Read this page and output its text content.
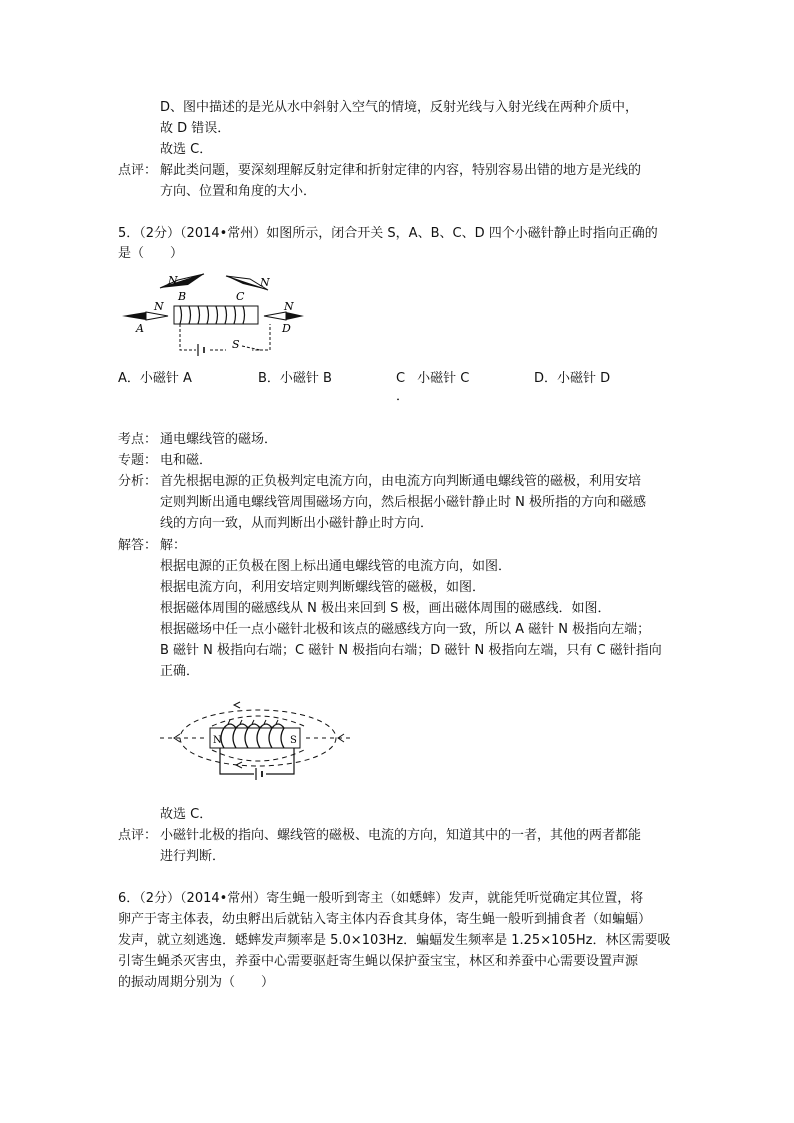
D、图中描述的是光从水中斜射入空气的情境，反射光线与入射光线在两种介质中，
故 D 错误．
故选 C．
点评： 解此类问题，要深刻理解反射定律和折射定律的内容，特别容易出错的地方是光线的
方向、位置和角度的大小．
5．（2分）（2014•常州）如图所示，闭合开关 S，A、B、C、D 四个小磁针静止时指向正确的
是（　　）
N
B
N
C
N
A
N
D
S
A．小磁针 A	B．小磁针 B	C 小磁针 C
．
D．小磁针 D
考点： 通电螺线管的磁场．
专题： 电和磁．
分析： 首先根据电源的正负极判定电流方向，由电流方向判断通电螺线管的磁极，利用安培
定则判断出通电螺线管周围磁场方向，然后根据小磁针静止时 N 极所指的方向和磁感
线的方向一致，从而判断出小磁针静止时方向．
解答： 解：
根据电源的正负极在图上标出通电螺线管的电流方向，如图．
根据电流方向，利用安培定则判断螺线管的磁极，如图．
根据磁体周围的磁感线从 N 极出来回到 S 极，画出磁体周围的磁感线．如图．
根据磁场中任一点小磁针北极和该点的磁感线方向一致，所以 A 磁针 N 极指向左端；
B 磁针 N 极指向右端；C 磁针 N 极指向右端；D 磁针 N 极指向左端，只有 C 磁针指向
正确．
N	S
故选 C．
点评： 小磁针北极的指向、螺线管的磁极、电流的方向，知道其中的一者，其他的两者都能
进行判断．
6．（2分）（2014•常州）寄生蝇一般听到寄主（如蟋蟀）发声，就能凭听觉确定其位置，将
卵产于寄主体表，幼虫孵出后就钻入寄主体内吞食其身体，寄生蝇一般听到捕食者（如蝙蝠）
发声，就立刻逃逸．蟋蟀发声频率是 5.0×103Hz．蝙蝠发生频率是 1.25×105Hz．林区需要吸
引寄生蝇杀灭害虫，养蚕中心需要驱赶寄生蝇以保护蚕宝宝，林区和养蚕中心需要设置声源
的振动周期分别为（　　）
